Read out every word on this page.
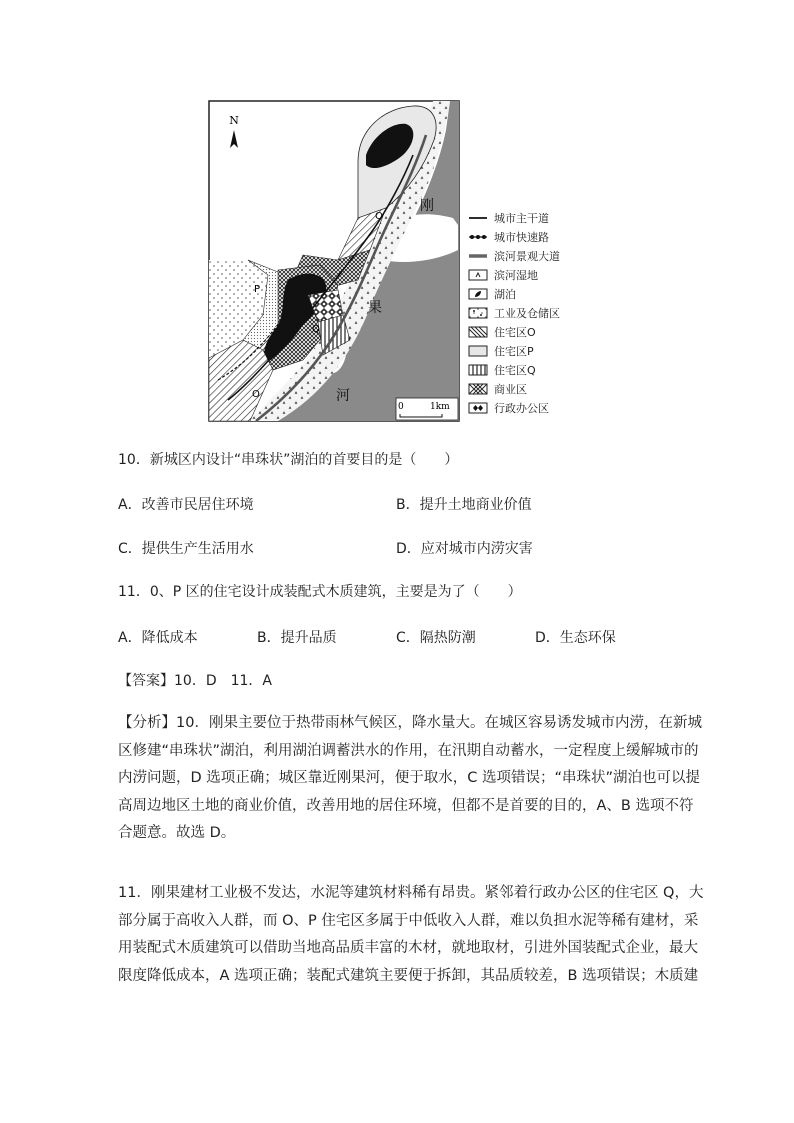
N
O
P
Q
O
刚
果
河
0	1km
城市主干道
城市快速路
滨河景观大道
滨河湿地
湖泊
工业及仓储区
住宅区O
住宅区P
住宅区Q
商业区
行政办公区
10．新城区内设计“串珠状”湖泊的首要目的是（　　）
A．改善市民居住环境	B．提升土地商业价值
C．提供生产生活用水	D．应对城市内涝灾害
11．0、P 区的住宅设计成装配式木质建筑，主要是为了（　　）
A．降低成本	B．提升品质	C．隔热防潮	D．生态环保
【答案】10．D　11．A
【分析】10．刚果主要位于热带雨林气候区，降水量大。在城区容易诱发城市内涝，在新城
区修建“串珠状”湖泊，利用湖泊调蓄洪水的作用，在汛期自动蓄水，一定程度上缓解城市的
内涝问题，D 选项正确；城区靠近刚果河，便于取水，C 选项错误；“串珠状”湖泊也可以提
高周边地区土地的商业价值，改善用地的居住环境，但都不是首要的目的，A、B 选项不符
合题意。故选 D。
11．刚果建材工业极不发达，水泥等建筑材料稀有昂贵。紧邻着行政办公区的住宅区 Q，大
部分属于高收入人群，而 O、P 住宅区多属于中低收入人群，难以负担水泥等稀有建材，采
用装配式木质建筑可以借助当地高品质丰富的木材，就地取材，引进外国装配式企业，最大
限度降低成本，A 选项正确；装配式建筑主要便于拆卸，其品质较差，B 选项错误；木质建
